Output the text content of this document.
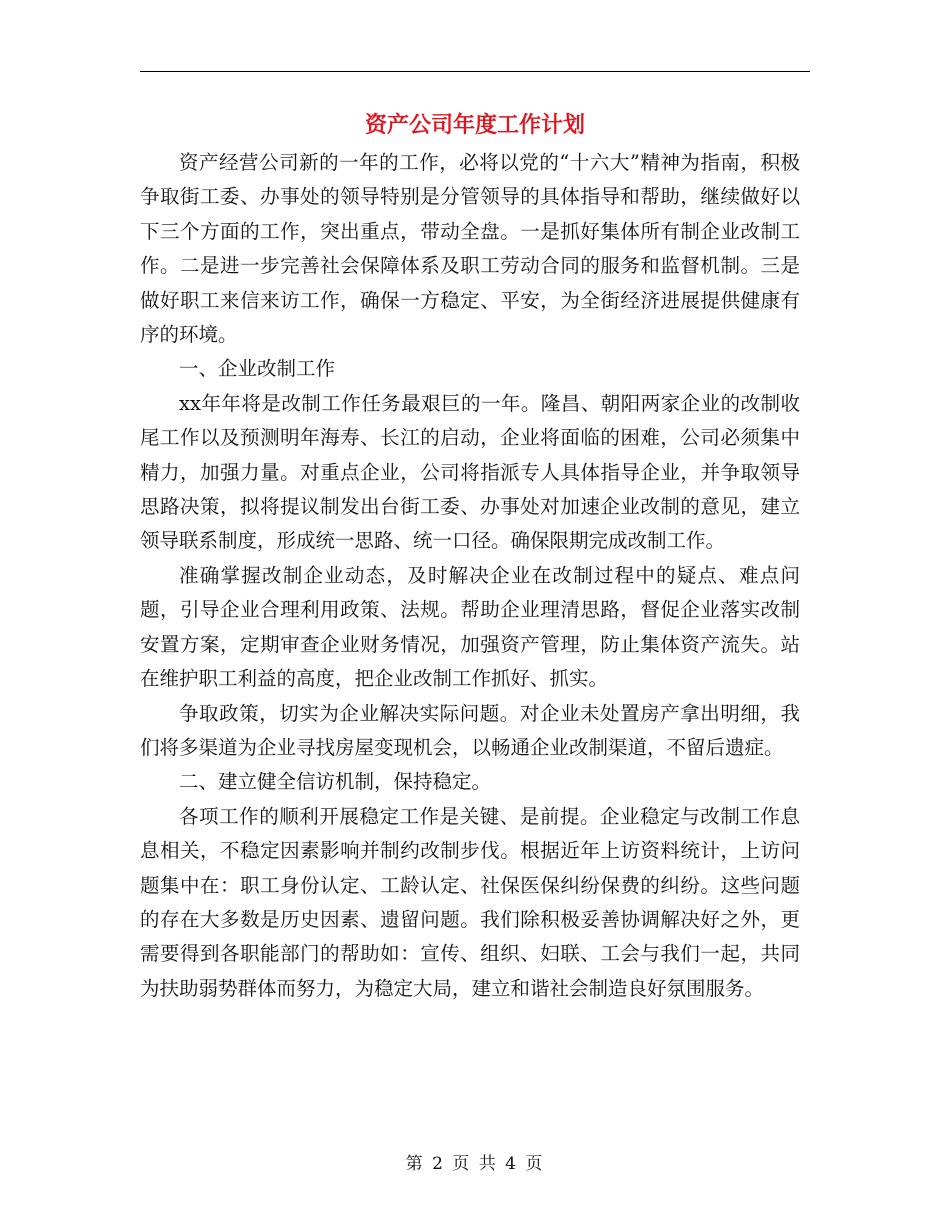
资产公司年度工作计划

资产经营公司新的一年的工作，必将以党的“十六大”精神为指南，积极争取街工委、办事处的领导特别是分管领导的具体指导和帮助，继续做好以下三个方面的工作，突出重点，带动全盘。一是抓好集体所有制企业改制工作。二是进一步完善社会保障体系及职工劳动合同的服务和监督机制。三是做好职工来信来访工作，确保一方稳定、平安，为全街经济进展提供健康有序的环境。

一、企业改制工作

xx年年将是改制工作任务最艰巨的一年。隆昌、朝阳两家企业的改制收尾工作以及预测明年海寿、长江的启动，企业将面临的困难，公司必须集中精力，加强力量。对重点企业，公司将指派专人具体指导企业，并争取领导思路决策，拟将提议制发出台街工委、办事处对加速企业改制的意见，建立领导联系制度，形成统一思路、统一口径。确保限期完成改制工作。

准确掌握改制企业动态，及时解决企业在改制过程中的疑点、难点问题，引导企业合理利用政策、法规。帮助企业理清思路，督促企业落实改制安置方案，定期审查企业财务情况，加强资产管理，防止集体资产流失。站在维护职工利益的高度，把企业改制工作抓好、抓实。

争取政策，切实为企业解决实际问题。对企业未处置房产拿出明细，我们将多渠道为企业寻找房屋变现机会，以畅通企业改制渠道，不留后遗症。

二、建立健全信访机制，保持稳定。

各项工作的顺利开展稳定工作是关键、是前提。企业稳定与改制工作息息相关，不稳定因素影响并制约改制步伐。根据近年上访资料统计，上访问题集中在：职工身份认定、工龄认定、社保医保纠纷保费的纠纷。这些问题的存在大多数是历史因素、遗留问题。我们除积极妥善协调解决好之外，更需要得到各职能部门的帮助如：宣传、组织、妇联、工会与我们一起，共同为扶助弱势群体而努力，为稳定大局，建立和谐社会制造良好氛围服务。

第 2 页 共 4 页
